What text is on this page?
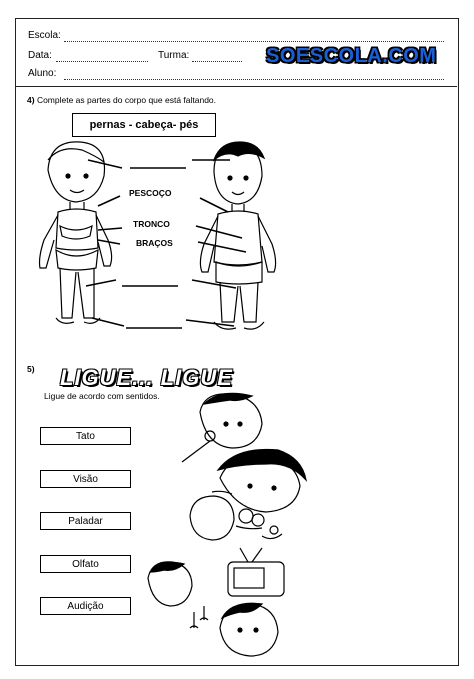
Escola:
Data:	Turma:
Aluno:
SOESCOLA.COM
4) Complete as partes do corpo que está faltando.
pernas - cabeça- pés
PESCOÇO
TRONCO
BRAÇOS
5) LIGUE... LIGUE
Ligue de acordo com sentidos.
Tato
Visão
Paladar
Olfato
Audição
